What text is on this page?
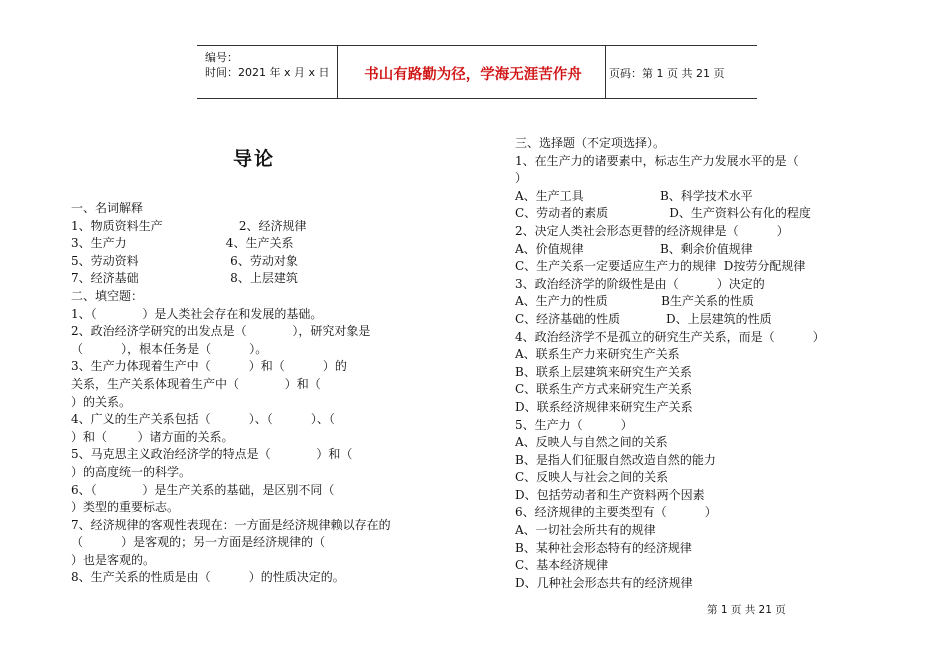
编号：
时间：2021 年 x 月 x 日	书山有路勤为径，学海无涯苦作舟	页码：第 1 页 共 21 页
导论
一、名词解释
1、物质资料生产                    2、经济规律
3、生产力                          4、生产关系
5、劳动资料                        6、劳动对象
7、经济基础                        8、上层建筑
二、填空题：
1、（            ）是人类社会存在和发展的基础。
2、政治经济学研究的出发点是（            ），研究对象是
（          ），根本任务是（          ）。
3、生产力体现着生产中（          ）和（          ）的
关系，生产关系体现着生产中（            ）和（
）的关系。
4、广义的生产关系包括（          ）、（          ）、（
）和（        ）诸方面的关系。
5、马克思主义政治经济学的特点是（            ）和（
）的高度统一的科学。
6、（            ）是生产关系的基础，是区别不同（
）类型的重要标志。
7、经济规律的客观性表现在：一方面是经济规律赖以存在的
（          ）是客观的；另一方面是经济规律的（
）也是客观的。
8、生产关系的性质是由（          ）的性质决定的。
三、选择题（不定项选择）。
1、在生产力的诸要素中，标志生产力发展水平的是（
）
A、生产工具                    B、科学技术水平
C、劳动者的素质                D、生产资料公有化的程度
2、决定人类社会形态更替的经济规律是（          ）
A、价值规律                    B、剩余价值规律
C、生产关系一定要适应生产力的规律  D按劳分配规律
3、政治经济学的阶级性是由（          ）决定的
A、生产力的性质              B生产关系的性质
C、经济基础的性质            D、上层建筑的性质
4、政治经济学不是孤立的研究生产关系，而是（          ）
A、联系生产力来研究生产关系
B、联系上层建筑来研究生产关系
C、联系生产方式来研究生产关系
D、联系经济规律来研究生产关系
5、生产力（          ）
A、反映人与自然之间的关系
B、是指人们征服自然改造自然的能力
C、反映人与社会之间的关系
D、包括劳动者和生产资料两个因素
6、经济规律的主要类型有（          ）
A、一切社会所共有的规律
B、某种社会形态特有的经济规律
C、基本经济规律
D、几种社会形态共有的经济规律
第 1 页 共 21 页
